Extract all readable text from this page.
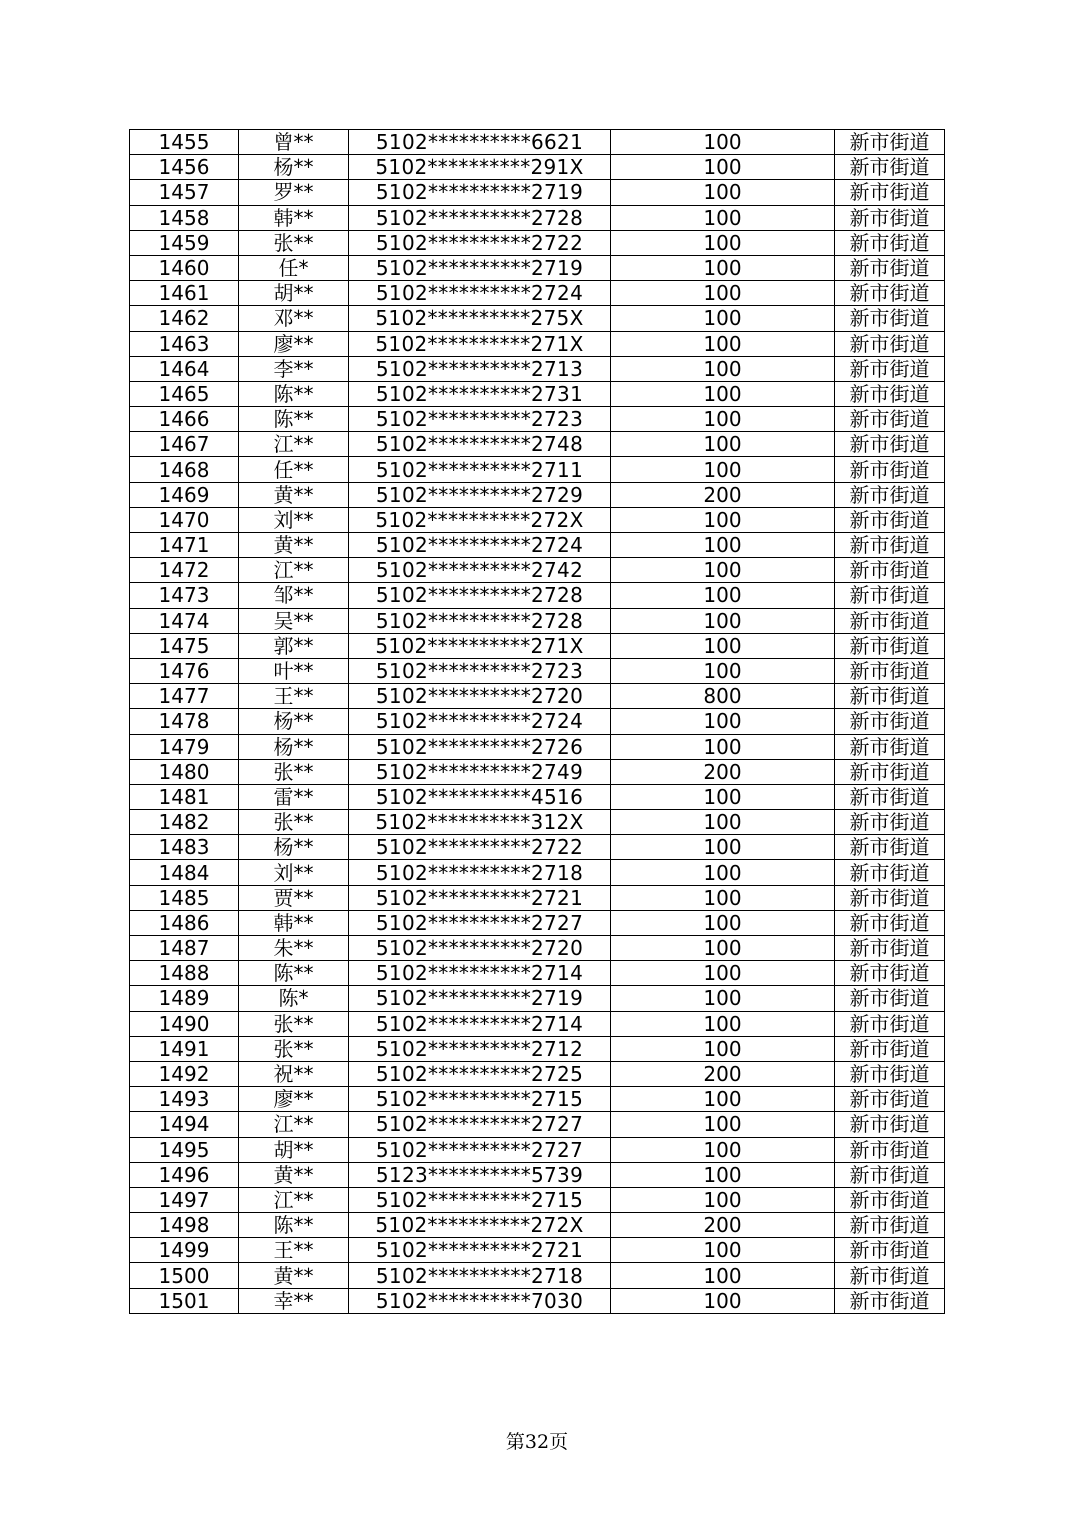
1455	曾**	5102**********6621	100	新市街道
1456	杨**	5102**********291X	100	新市街道
1457	罗**	5102**********2719	100	新市街道
1458	韩**	5102**********2728	100	新市街道
1459	张**	5102**********2722	100	新市街道
1460	任*	5102**********2719	100	新市街道
1461	胡**	5102**********2724	100	新市街道
1462	邓**	5102**********275X	100	新市街道
1463	廖**	5102**********271X	100	新市街道
1464	李**	5102**********2713	100	新市街道
1465	陈**	5102**********2731	100	新市街道
1466	陈**	5102**********2723	100	新市街道
1467	江**	5102**********2748	100	新市街道
1468	任**	5102**********2711	100	新市街道
1469	黄**	5102**********2729	200	新市街道
1470	刘**	5102**********272X	100	新市街道
1471	黄**	5102**********2724	100	新市街道
1472	江**	5102**********2742	100	新市街道
1473	邹**	5102**********2728	100	新市街道
1474	吴**	5102**********2728	100	新市街道
1475	郭**	5102**********271X	100	新市街道
1476	叶**	5102**********2723	100	新市街道
1477	王**	5102**********2720	800	新市街道
1478	杨**	5102**********2724	100	新市街道
1479	杨**	5102**********2726	100	新市街道
1480	张**	5102**********2749	200	新市街道
1481	雷**	5102**********4516	100	新市街道
1482	张**	5102**********312X	100	新市街道
1483	杨**	5102**********2722	100	新市街道
1484	刘**	5102**********2718	100	新市街道
1485	贾**	5102**********2721	100	新市街道
1486	韩**	5102**********2727	100	新市街道
1487	朱**	5102**********2720	100	新市街道
1488	陈**	5102**********2714	100	新市街道
1489	陈*	5102**********2719	100	新市街道
1490	张**	5102**********2714	100	新市街道
1491	张**	5102**********2712	100	新市街道
1492	祝**	5102**********2725	200	新市街道
1493	廖**	5102**********2715	100	新市街道
1494	江**	5102**********2727	100	新市街道
1495	胡**	5102**********2727	100	新市街道
1496	黄**	5123**********5739	100	新市街道
1497	江**	5102**********2715	100	新市街道
1498	陈**	5102**********272X	200	新市街道
1499	王**	5102**********2721	100	新市街道
1500	黄**	5102**********2718	100	新市街道
1501	幸**	5102**********7030	100	新市街道
第32页
